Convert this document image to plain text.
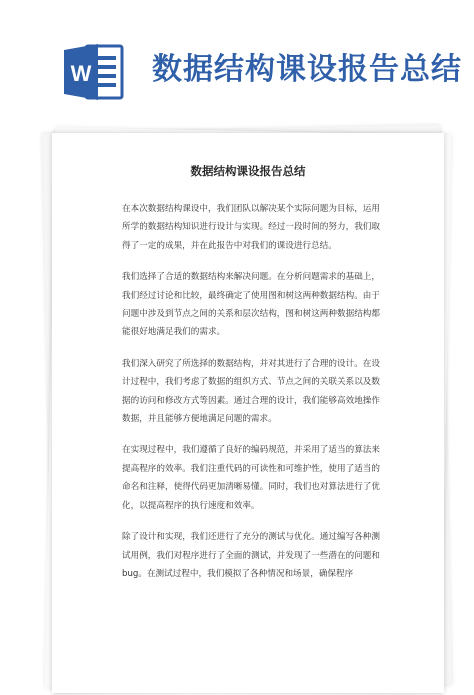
W 数据结构课设报告总结
数据结构课设报告总结

在本次数据结构课设中，我们团队以解决某个实际问题为目标，运用所学的数据结构知识进行设计与实现。经过一段时间的努力，我们取得了一定的成果，并在此报告中对我们的课设进行总结。

我们选择了合适的数据结构来解决问题。在分析问题需求的基础上，我们经过讨论和比较，最终确定了使用图和树这两种数据结构。由于问题中涉及到节点之间的关系和层次结构，图和树这两种数据结构都能很好地满足我们的需求。

我们深入研究了所选择的数据结构，并对其进行了合理的设计。在设计过程中，我们考虑了数据的组织方式、节点之间的关联关系以及数据的访问和修改方式等因素。通过合理的设计，我们能够高效地操作数据，并且能够方便地满足问题的需求。

在实现过程中，我们遵循了良好的编码规范，并采用了适当的算法来提高程序的效率。我们注重代码的可读性和可维护性，使用了适当的命名和注释，使得代码更加清晰易懂。同时，我们也对算法进行了优化，以提高程序的执行速度和效率。

除了设计和实现，我们还进行了充分的测试与优化。通过编写各种测试用例，我们对程序进行了全面的测试，并发现了一些潜在的问题和 bug。在测试过程中，我们模拟了各种情况和场景，确保程序
